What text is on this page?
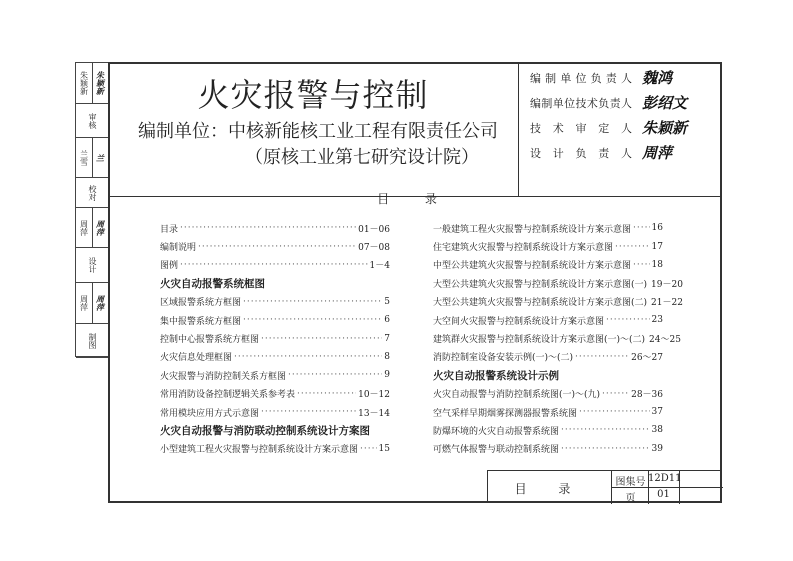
朱颖新 朱颖新
审核
兰雪 兰
校对
周萍 周萍
设计
周萍 周萍
制图
火灾报警与控制
编制单位：中核新能核工业工程有限责任公司
（原核工业第七研究设计院）
目 录
目录 ·····	01－06
编制说明 ·····	07－08
图例 ·····	1－4
火灾自动报警系统框图
区域报警系统方框图 ·····	5
集中报警系统方框图 ·····	6
控制中心报警系统方框图 ·····	7
火灾信息处理框图 ·····	8
火灾报警与消防控制关系方框图 ·····	9
常用消防设备控制逻辑关系参考表 ·····	10－12
常用模块应用方式示意图 ·····	13－14
火灾自动报警与消防联动控制系统设计方案图
小型建筑工程火灾报警与控制系统设计方案示意图 ····· 15
一般建筑工程火灾报警与控制系统设计方案示意图 ····· 16
住宅建筑火灾报警与控制系统设计方案示意图 ·····	17
中型公共建筑火灾报警与控制系统设计方案示意图 ····· 18
大型公共建筑火灾报警与控制系统设计方案示意图(一) 19－20
大型公共建筑火灾报警与控制系统设计方案示意图(二) 21－22
大空间火灾报警与控制系统设计方案示意图 ·····	23
建筑群火灾报警与控制系统设计方案示意图(一)～(二) 24～25
消防控制室设备安装示例(一)～(二) ·····	26～27
火灾自动报警系统设计示例
火灾自动报警与消防控制系统图(一)～(九) ·····	28－36
空气采样早期烟雾探测器报警系统图 ·····	37
防爆环境的火灾自动报警系统图 ·····	38
可燃气体报警与联动控制系统图 ·····	39
目 录	图集号 12D11
页	01
编 制 单 位 负 责 人 魏鸿
编 制 单 位 技 术 负 责 人 彭绍文
技 术 审 定 人 朱颖新
设 计 负 责 人 周萍
